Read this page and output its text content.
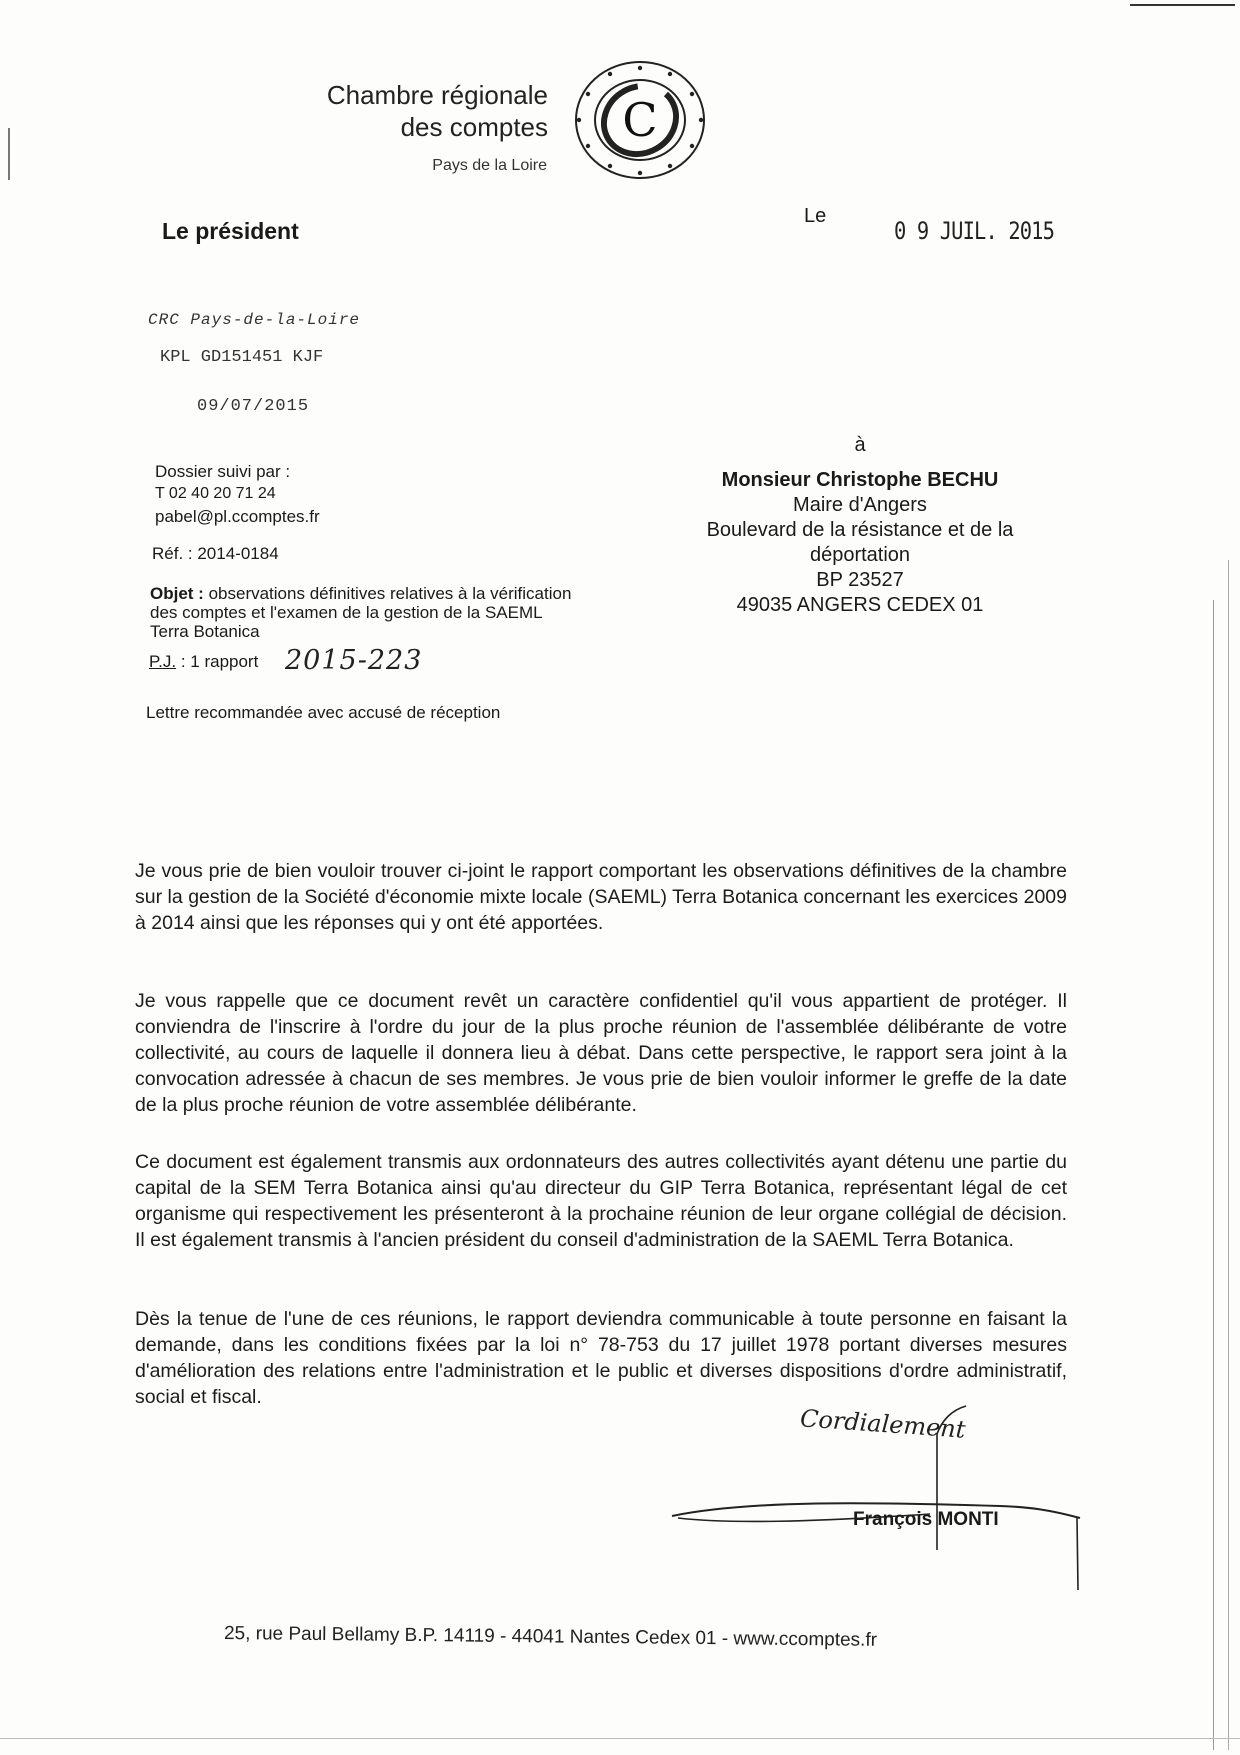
Chambre régionale
des comptes
Pays de la Loire
C
Le président
Le
0 9 JUIL. 2015
CRC Pays-de-la-Loire
KPL GD151451 KJF
09/07/2015
Dossier suivi par :
T 02 40 20 71 24
pabel@pl.ccomptes.fr
Réf. : 2014-0184
Objet : observations définitives relatives à la vérification
des comptes et l'examen de la gestion de la SAEML
Terra Botanica
P.J. : 1 rapport 2015-223
Lettre recommandée avec accusé de réception
à
Monsieur Christophe BECHU
Maire d'Angers
Boulevard de la résistance et de la
déportation
BP 23527
49035 ANGERS CEDEX 01
Je vous prie de bien vouloir trouver ci-joint le rapport comportant les observations définitives de la chambre sur la gestion de la Société d'économie mixte locale (SAEML) Terra Botanica concernant les exercices 2009 à 2014 ainsi que les réponses qui y ont été apportées.
Je vous rappelle que ce document revêt un caractère confidentiel qu'il vous appartient de protéger. Il conviendra de l'inscrire à l'ordre du jour de la plus proche réunion de l'assemblée délibérante de votre collectivité, au cours de laquelle il donnera lieu à débat. Dans cette perspective, le rapport sera joint à la convocation adressée à chacun de ses membres. Je vous prie de bien vouloir informer le greffe de la date de la plus proche réunion de votre assemblée délibérante.
Ce document est également transmis aux ordonnateurs des autres collectivités ayant détenu une partie du capital de la SEM Terra Botanica ainsi qu'au directeur du GIP Terra Botanica, représentant légal de cet organisme qui respectivement les présenteront à la prochaine réunion de leur organe collégial de décision. Il est également transmis à l'ancien président du conseil d'administration de la SAEML Terra Botanica.
Dès la tenue de l'une de ces réunions, le rapport deviendra communicable à toute personne en faisant la demande, dans les conditions fixées par la loi n° 78-753 du 17 juillet 1978 portant diverses mesures d'amélioration des relations entre l'administration et le public et diverses dispositions d'ordre administratif, social et fiscal.
Cordialement
François MONTI
25, rue Paul Bellamy B.P. 14119 - 44041 Nantes Cedex 01 - www.ccomptes.fr
